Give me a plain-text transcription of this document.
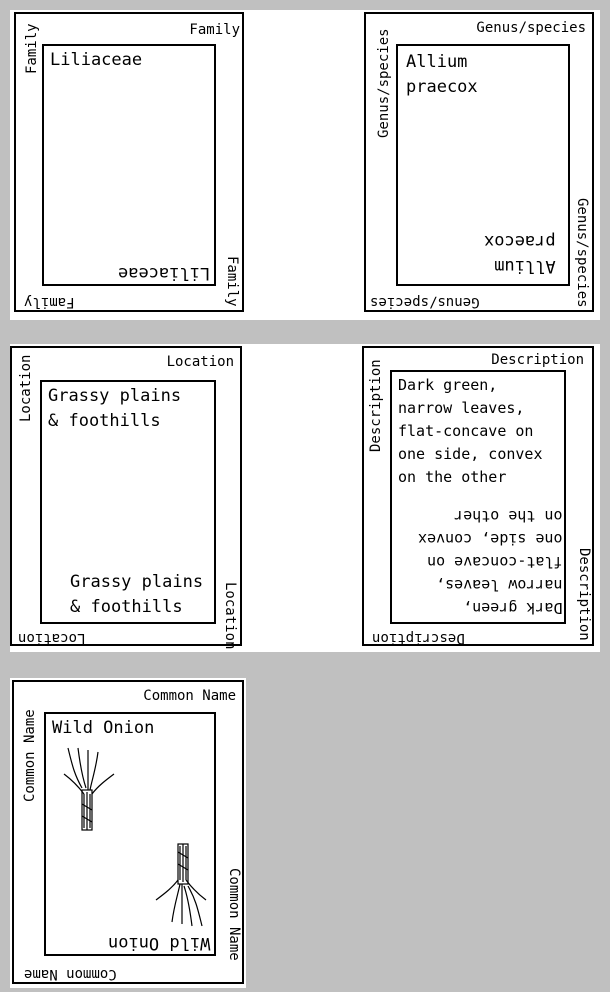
Family
Family
Family	Family
Liliaceae
Liliaceae
Genus/species
Genus/species
Genus/species	Genus/species
Allium
praecox
Allium
praecox
Location
Location
Location	Location
Grassy plains
& foothills
Grassy plains
& foothills
Description
Description
Description	Description
Dark green,
narrow leaves,
flat-concave on
one side, convex
on the other
Dark green,
narrow leaves,
flat-concave on
one side, convex
on the other
Common Name
Common Name
Common Name
Common Name
Wild Onion
Wild Onion
